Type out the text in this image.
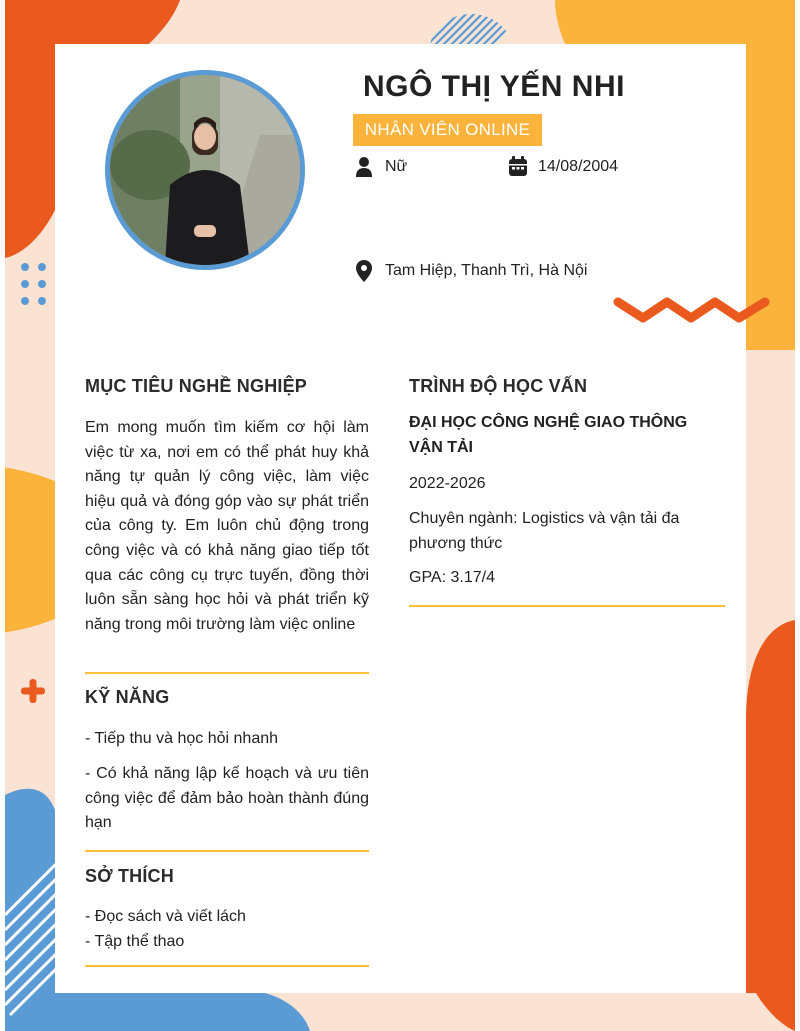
NGÔ THỊ YẾN NHI
NHÂN VIÊN ONLINE
Nữ	14/08/2004
Tam Hiệp, Thanh Trì, Hà Nội
MỤC TIÊU NGHỀ NGHIỆP
Em mong muốn tìm kiếm cơ hội làm việc từ xa, nơi em có thể phát huy khả năng tự quản lý công việc, làm việc hiệu quả và đóng góp vào sự phát triển của công ty. Em luôn chủ động trong công việc và có khả năng giao tiếp tốt qua các công cụ trực tuyến, đồng thời luôn sẵn sàng học hỏi và phát triển kỹ năng trong môi trường làm việc online
KỸ NĂNG
- Tiếp thu và học hỏi nhanh
- Có khả năng lập kế hoạch và ưu tiên công việc để đảm bảo hoàn thành đúng hạn
SỞ THÍCH
- Đọc sách và viết lách
- Tập thể thao
TRÌNH ĐỘ HỌC VẤN
ĐẠI HỌC CÔNG NGHỆ GIAO THÔNG VẬN TẢI
2022-2026
Chuyên ngành: Logistics và vận tải đa phương thức
GPA: 3.17/4
